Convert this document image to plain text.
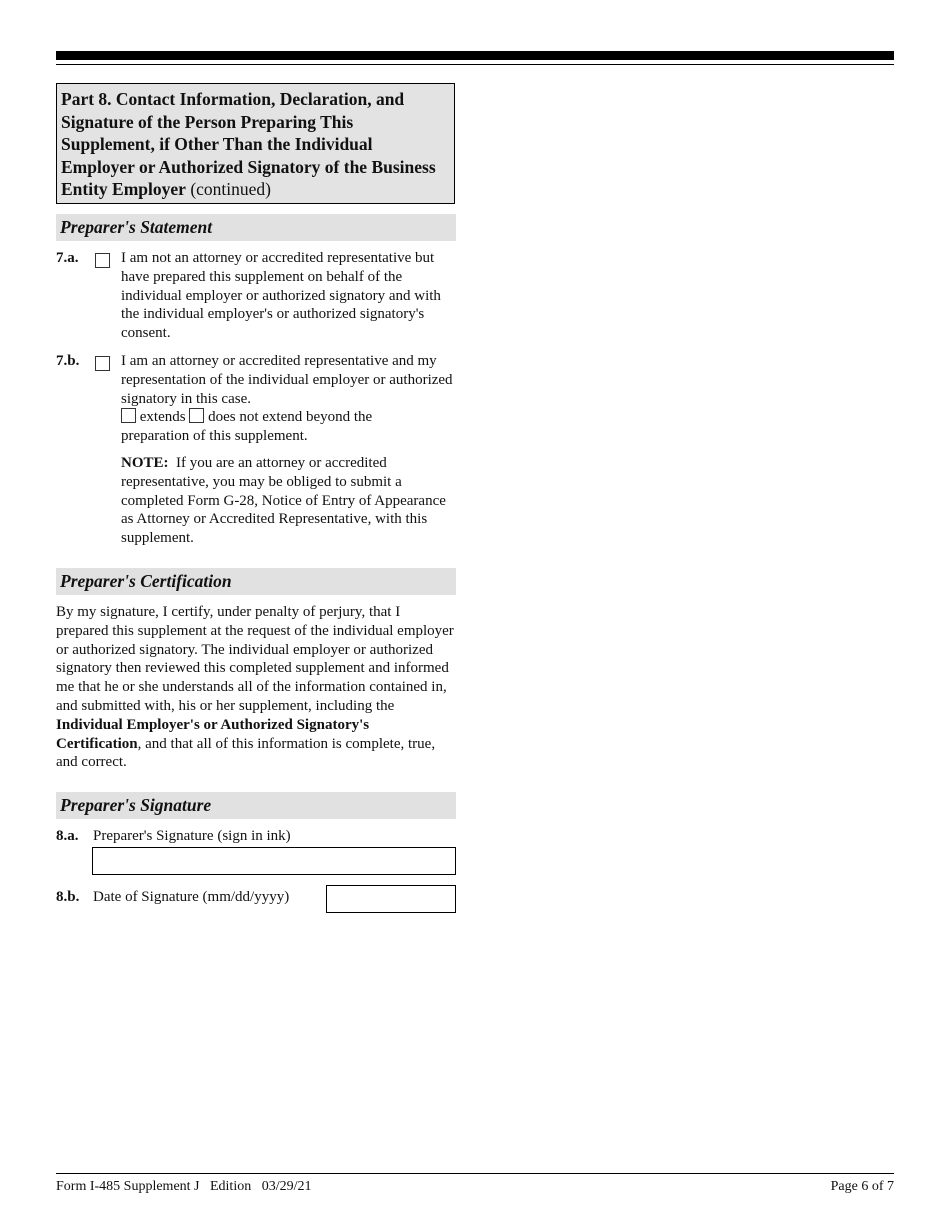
Part 8. Contact Information, Declaration, and Signature of the Person Preparing This Supplement, if Other Than the Individual Employer or Authorized Signatory of the Business Entity Employer (continued)
Preparer's Statement
7.a.	I am not an attorney or accredited representative but have prepared this supplement on behalf of the individual employer or authorized signatory and with the individual employer's or authorized signatory's consent.
7.b.	I am an attorney or accredited representative and my representation of the individual employer or authorized signatory in this case.
extends does not extend beyond the
preparation of this supplement.
NOTE: If you are an attorney or accredited representative, you may be obliged to submit a completed Form G-28, Notice of Entry of Appearance as Attorney or Accredited Representative, with this supplement.
Preparer's Certification
By my signature, I certify, under penalty of perjury, that I prepared this supplement at the request of the individual employer or authorized signatory. The individual employer or authorized signatory then reviewed this completed supplement and informed me that he or she understands all of the information contained in, and submitted with, his or her supplement, including the Individual Employer's or Authorized Signatory's Certification, and that all of this information is complete, true, and correct.
Preparer's Signature
8.a. Preparer's Signature (sign in ink)
8.b. Date of Signature (mm/dd/yyyy)
Form I-485 Supplement J   Edition   03/29/21	Page 6 of 7
